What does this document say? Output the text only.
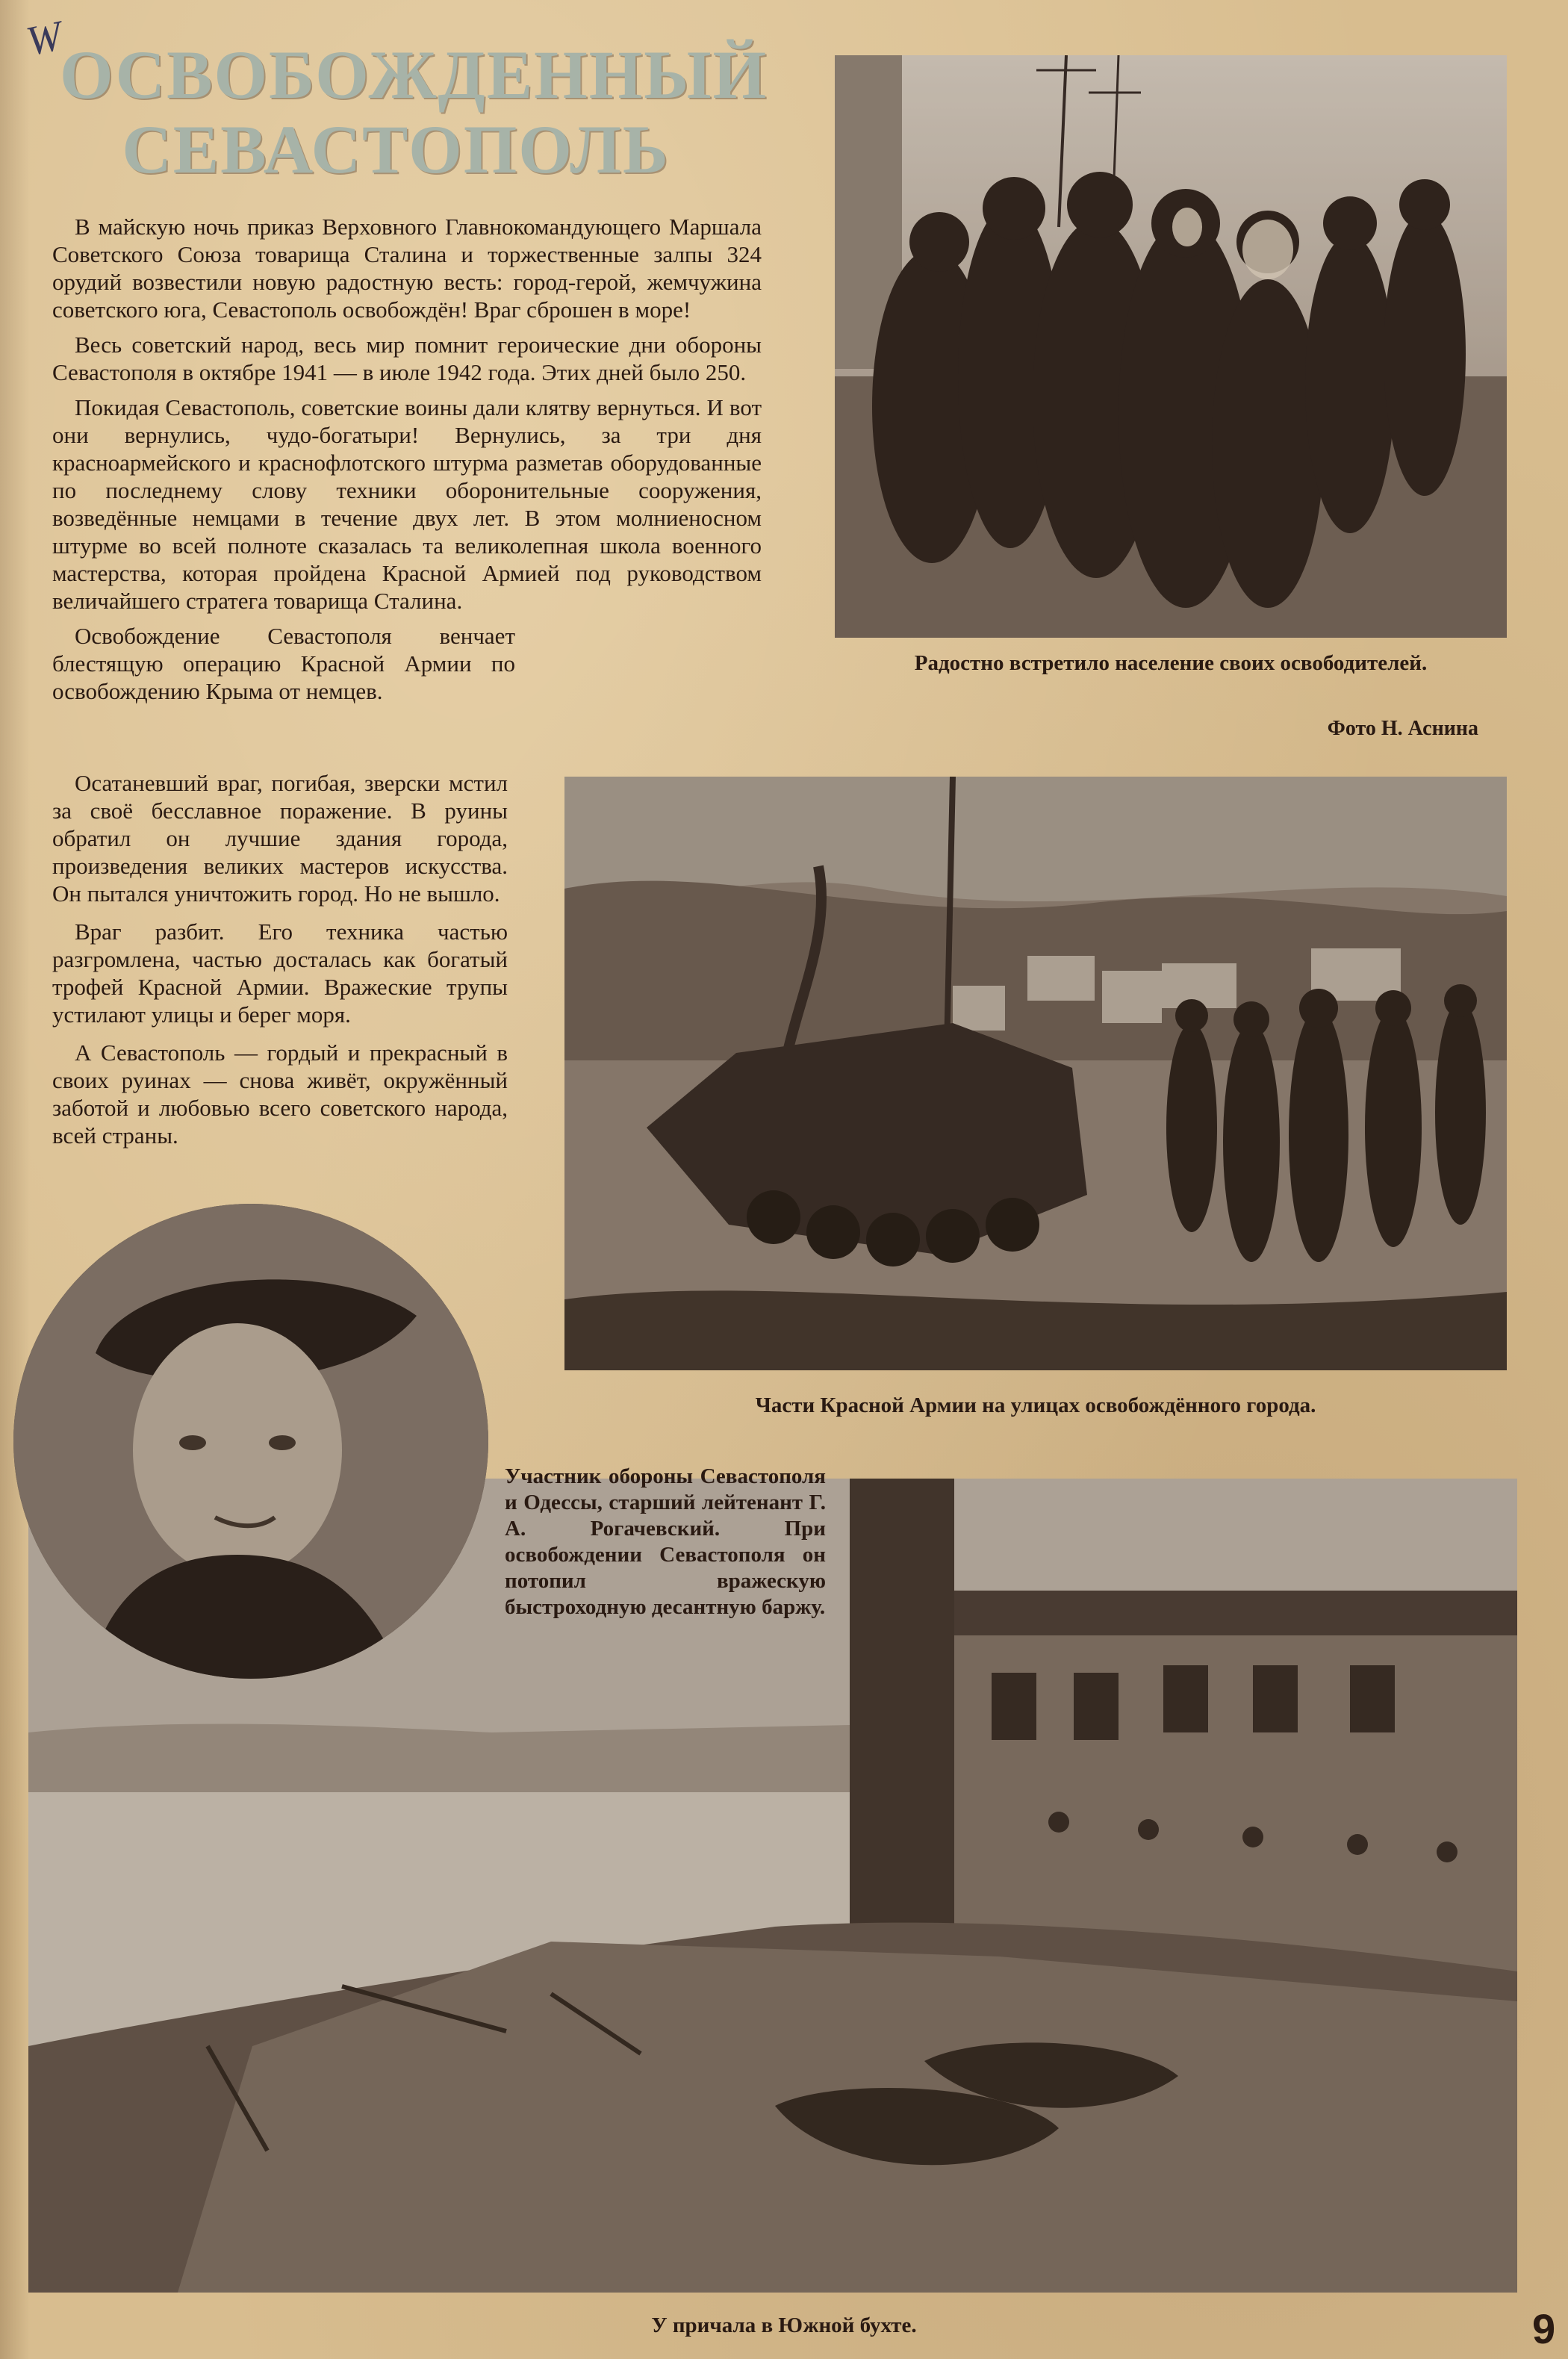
W
ОСВОБОЖДЕННЫЙ
СЕВАСТОПОЛЬ

В майскую ночь приказ Верховного Главнокомандующего Маршала Советского Союза товарища Сталина и торжественные залпы 324 орудий возвестили новую радостную весть: город-герой, жемчужина советского юга, Севастополь освобождён! Враг сброшен в море!

Весь советский народ, весь мир помнит героические дни обороны Севастополя в октябре 1941 — в июле 1942 года. Этих дней было 250.

Покидая Севастополь, советские воины дали клятву вернуться. И вот они вернулись, чудо-богатыри! Вернулись, за три дня красноармейского и краснофлотского штурма разметав оборудованные по последнему слову техники оборонительные сооружения, возведённые немцами в течение двух лет. В этом молниеносном штурме во всей полноте сказалась та великолепная школа военного мастерства, которая пройдена Красной Армией под руководством величайшего стратега товарища Сталина.

Освобождение Севастополя венчает блестящую операцию Красной Армии по освобождению Крыма от немцев.

Осатаневший враг, погибая, зверски мстил за своё бесславное поражение. В руины обратил он лучшие здания города, произведения великих мастеров искусства. Он пытался уничтожить город. Но не вышло.

Враг разбит. Его техника частью разгромлена, частью досталась как богатый трофей Красной Армии. Вражеские трупы устилают улицы и берег моря.

А Севастополь — гордый и прекрасный в своих руинах — снова живёт, окружённый заботой и любовью всего советского народа, всей страны.

Радостно встретило население своих освободителей.
Фото Н. Аснина
Части Красной Армии на улицах освобождённого города.
Участник обороны Севастополя и Одессы, старший лейтенант Г. А. Рогачевский. При освобождении Севастополя он потопил вражескую быстроходную десантную баржу.
У причала в Южной бухте.	9
